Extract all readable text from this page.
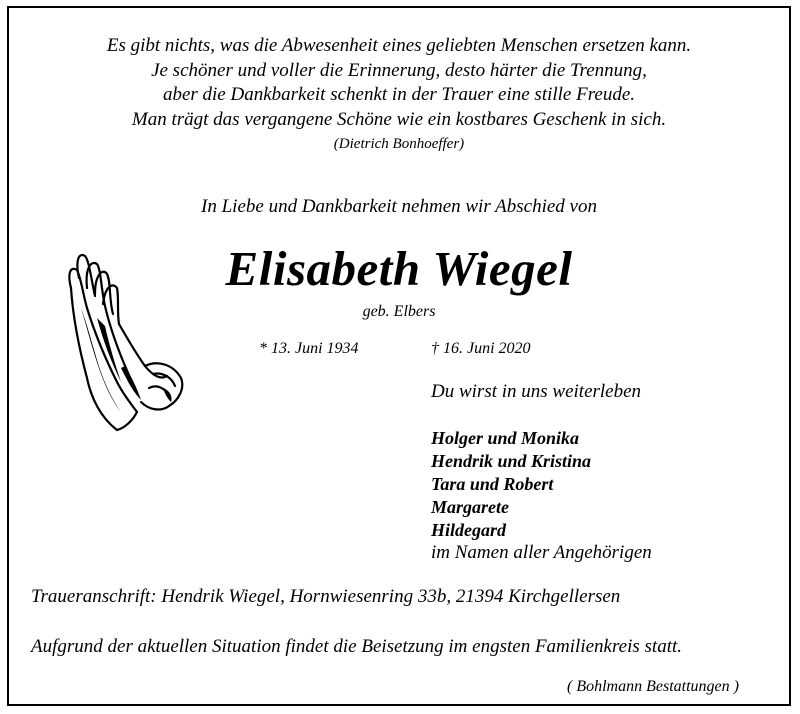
Es gibt nichts, was die Abwesenheit eines geliebten Menschen ersetzen kann.
Je schöner und voller die Erinnerung, desto härter die Trennung,
aber die Dankbarkeit schenkt in der Trauer eine stille Freude.
Man trägt das vergangene Schöne wie ein kostbares Geschenk in sich.
(Dietrich Bonhoeffer)
In Liebe und Dankbarkeit nehmen wir Abschied von
Elisabeth Wiegel
geb. Elbers
* 13. Juni 1934	† 16. Juni 2020
Du wirst in uns weiterleben
Holger und Monika
Hendrik und Kristina
Tara und Robert
Margarete
Hildegard
im Namen aller Angehörigen
Traueranschrift: Hendrik Wiegel, Hornwiesenring 33b, 21394 Kirchgellersen
Aufgrund der aktuellen Situation findet die Beisetzung im engsten Familienkreis statt.
( Bohlmann Bestattungen )
